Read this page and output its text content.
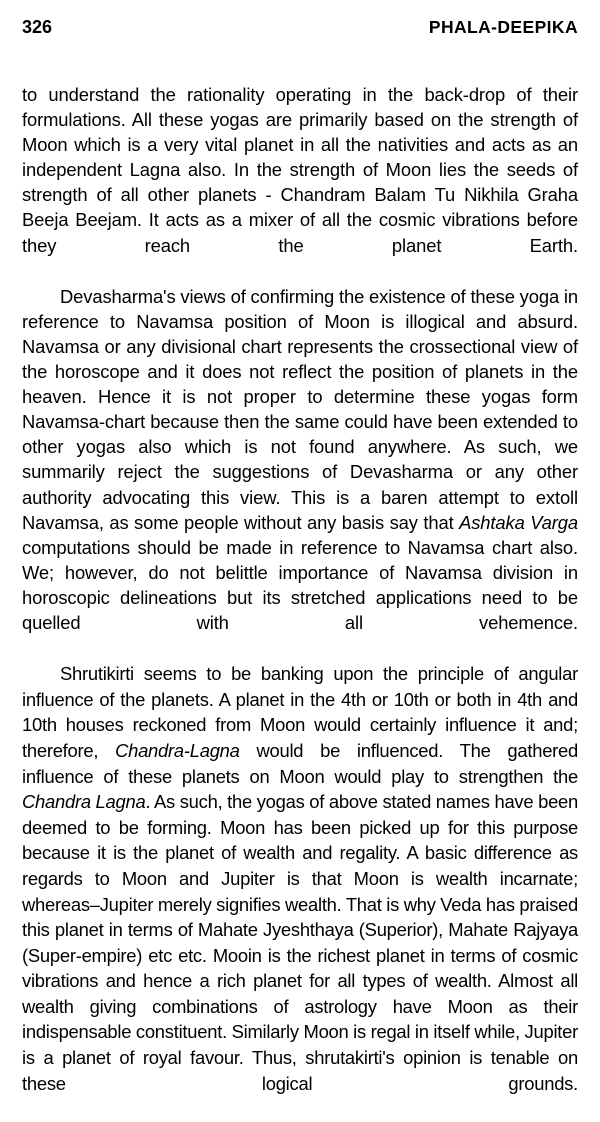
326	PHALA-DEEPIKA

to understand the rationality operating in the back-drop of their formulations. All these yogas are primarily based on the strength of Moon which is a very vital planet in all the nativities and acts as an independent Lagna also. In the strength of Moon lies the seeds of strength of all other planets - Chandram Balam Tu Nikhila Graha Beeja Beejam. It acts as a mixer of all the cosmic vibrations before they reach the planet Earth.

Devasharma's views of confirming the existence of these yoga in reference to Navamsa position of Moon is illogical and absurd. Navamsa or any divisional chart represents the crossectional view of the horoscope and it does not reflect the position of planets in the heaven. Hence it is not proper to determine these yogas form Navamsa-chart because then the same could have been extended to other yogas also which is not found anywhere. As such, we summarily reject the suggestions of Devasharma or any other authority advocating this view. This is a baren attempt to extoll Navamsa, as some people without any basis say that Ashtaka Varga computations should be made in reference to Navamsa chart also. We; however, do not belittle importance of Navamsa division in horoscopic delineations but its stretched applications need to be quelled with all vehemence.

Shrutikirti seems to be banking upon the principle of angular influence of the planets. A planet in the 4th or 10th or both in 4th and 10th houses reckoned from Moon would certainly influence it and; therefore, Chandra-Lagna would be influenced. The gathered influence of these planets on Moon would play to strengthen the Chandra Lagna. As such, the yogas of above stated names have been deemed to be forming. Moon has been picked up for this purpose because it is the planet of wealth and regality. A basic difference as regards to Moon and Jupiter is that Moon is wealth incarnate; whereas–Jupiter merely signifies wealth. That is why Veda has praised this planet in terms of Mahate Jyeshthaya (Superior), Mahate Rajyaya (Super-empire) etc etc. Mooin is the richest planet in terms of cosmic vibrations and hence a rich planet for all types of wealth. Almost all wealth giving combinations of astrology have Moon as their indispensable constituent. Similarly Moon is regal in itself while, Jupiter is a planet of royal favour. Thus, shrutakirti's opinion is tenable on these logical grounds.
